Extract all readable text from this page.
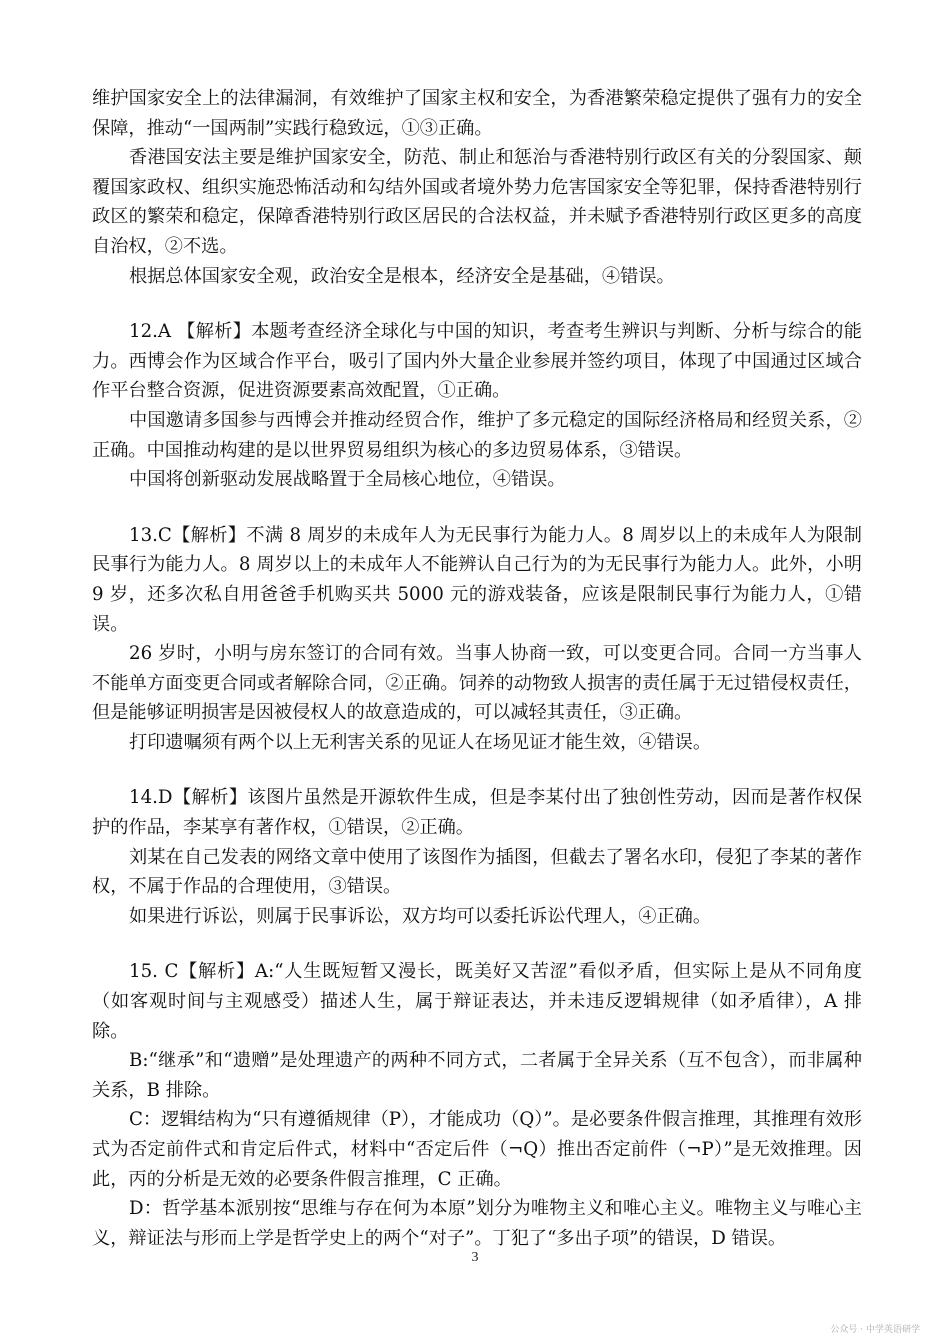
维护国家安全上的法律漏洞，有效维护了国家主权和安全，为香港繁荣稳定提供了强有力的安全保障，推动“一国两制”实践行稳致远，①③正确。
香港国安法主要是维护国家安全，防范、制止和惩治与香港特别行政区有关的分裂国家、颠覆国家政权、组织实施恐怖活动和勾结外国或者境外势力危害国家安全等犯罪，保持香港特别行政区的繁荣和稳定，保障香港特别行政区居民的合法权益，并未赋予香港特别行政区更多的高度自治权，②不选。
根据总体国家安全观，政治安全是根本，经济安全是基础，④错误。
12.A 【解析】本题考查经济全球化与中国的知识，考查考生辨识与判断、分析与综合的能力。西博会作为区域合作平台，吸引了国内外大量企业参展并签约项目，体现了中国通过区域合作平台整合资源，促进资源要素高效配置，①正确。
中国邀请多国参与西博会并推动经贸合作，维护了多元稳定的国际经济格局和经贸关系，②正确。中国推动构建的是以世界贸易组织为核心的多边贸易体系，③错误。
中国将创新驱动发展战略置于全局核心地位，④错误。
13.C【解析】不满 8 周岁的未成年人为无民事行为能力人。8 周岁以上的未成年人为限制民事行为能力人。8 周岁以上的未成年人不能辨认自己行为的为无民事行为能力人。此外，小明 9 岁，还多次私自用爸爸手机购买共 5000 元的游戏装备，应该是限制民事行为能力人，①错误。
26 岁时，小明与房东签订的合同有效。当事人协商一致，可以变更合同。合同一方当事人不能单方面变更合同或者解除合同，②正确。饲养的动物致人损害的责任属于无过错侵权责任，但是能够证明损害是因被侵权人的故意造成的，可以减轻其责任，③正确。
打印遗嘱须有两个以上无利害关系的见证人在场见证才能生效，④错误。
14.D【解析】该图片虽然是开源软件生成，但是李某付出了独创性劳动，因而是著作权保护的作品，李某享有著作权，①错误，②正确。
刘某在自己发表的网络文章中使用了该图作为插图，但截去了署名水印，侵犯了李某的著作权，不属于作品的合理使用，③错误。
如果进行诉讼，则属于民事诉讼，双方均可以委托诉讼代理人，④正确。
15. C【解析】A:“人生既短暂又漫长，既美好又苦涩”看似矛盾，但实际上是从不同角度（如客观时间与主观感受）描述人生，属于辩证表达，并未违反逻辑规律（如矛盾律），A 排除。
B:“继承”和“遗赠”是处理遗产的两种不同方式，二者属于全异关系（互不包含），而非属种关系，B 排除。
C：逻辑结构为“只有遵循规律（P），才能成功（Q）”。是必要条件假言推理，其推理有效形式为否定前件式和肯定后件式，材料中“否定后件（¬Q）推出否定前件（¬P）”是无效推理。因此，丙的分析是无效的必要条件假言推理，C 正确。
D：哲学基本派别按“思维与存在何为本原”划分为唯物主义和唯心主义。唯物主义与唯心主义，辩证法与形而上学是哲学史上的两个“对子”。丁犯了“多出子项”的错误，D 错误。
3
公众号 · 中学英语研学
